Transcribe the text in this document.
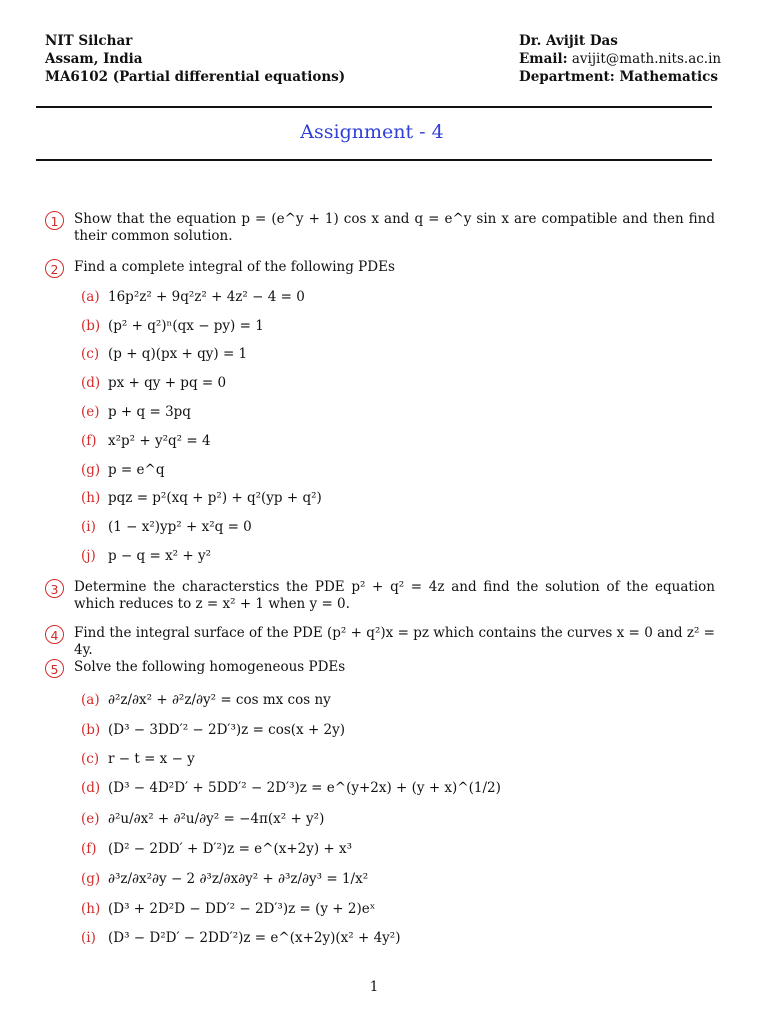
NIT Silchar
Assam, India
MA6102 (Partial differential equations)
Dr. Avijit Das
Email: avijit@math.nits.ac.in
Department: Mathematics
Assignment - 4
1	Show that the equation p = (e^y + 1) cos x and q = e^y sin x are compatible and then find their common solution.
2	Find a complete integral of the following PDEs
(a) 16p²z² + 9q²z² + 4z² − 4 = 0
(b) (p² + q²)ⁿ(qx − py) = 1
(c) (p + q)(px + qy) = 1
(d) px + qy + pq = 0
(e) p + q = 3pq
(f) x²p² + y²q² = 4
(g) p = e^q
(h) pqz = p²(xq + p²) + q²(yp + q²)
(i) (1 − x²)yp² + x²q = 0
(j) p − q = x² + y²
3	Determine the characterstics the PDE p² + q² = 4z and find the solution of the equation which reduces to z = x² + 1 when y = 0.
4	Find the integral surface of the PDE (p² + q²)x = pz which contains the curves x = 0 and z² = 4y.
5	Solve the following homogeneous PDEs
(a) ∂²z/∂x² + ∂²z/∂y² = cos mx cos ny
(b) (D³ − 3DD′² − 2D′³)z = cos(x + 2y)
(c) r − t = x − y
(d) (D³ − 4D²D′ + 5DD′² − 2D′³)z = e^(y+2x) + (y + x)^(1/2)
(e) ∂²u/∂x² + ∂²u/∂y² = −4π(x² + y²)
(f) (D² − 2DD′ + D′²)z = e^(x+2y) + x³
(g) ∂³z/∂x²∂y − 2 ∂³z/∂x∂y² + ∂³z/∂y³ = 1/x²
(h) (D³ + 2D²D − DD′² − 2D′³)z = (y + 2)eˣ
(i) (D³ − D²D′ − 2DD′²)z = e^(x+2y)(x² + 4y²)
1
